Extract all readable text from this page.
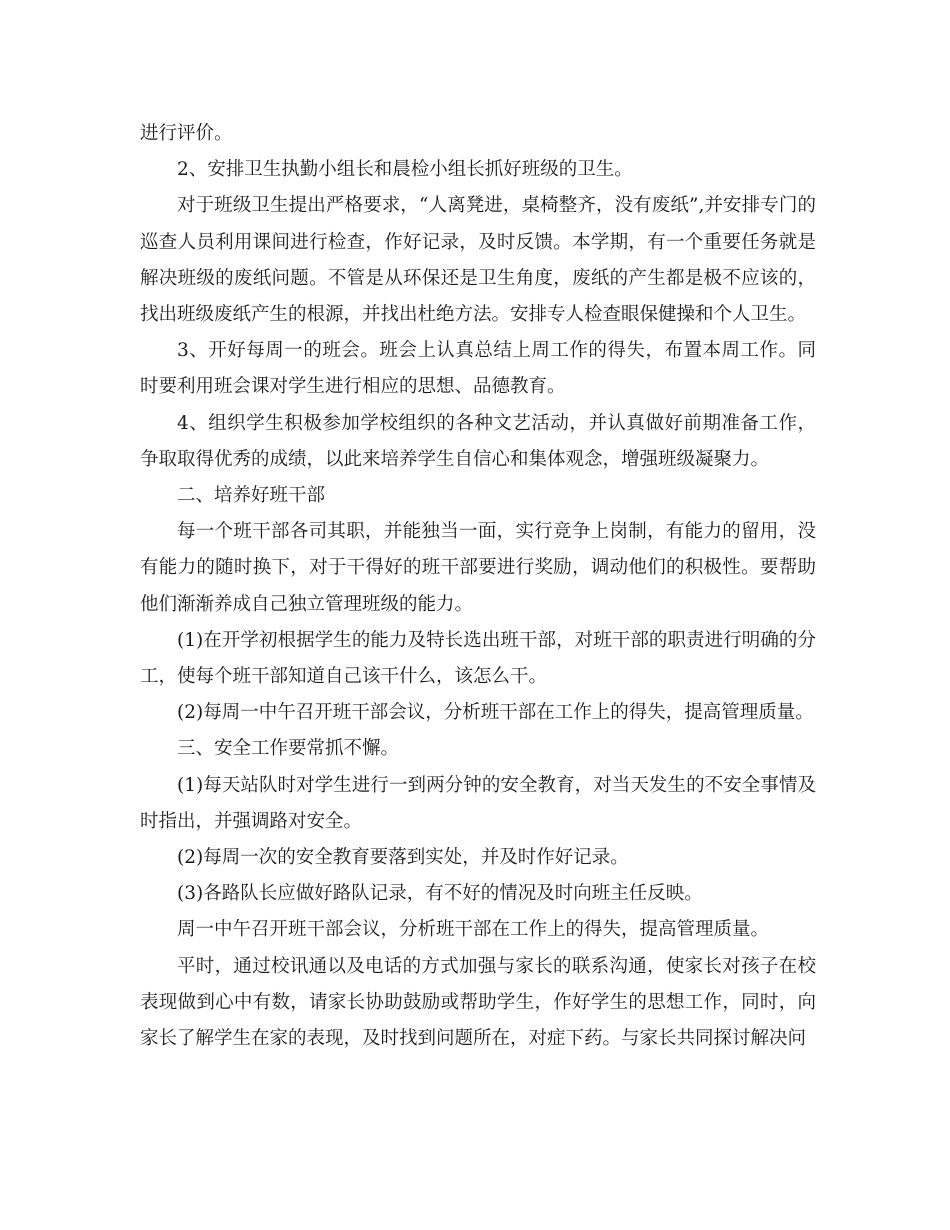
进行评价。

2、安排卫生执勤小组长和晨检小组长抓好班级的卫生。

对于班级卫生提出严格要求，“人离凳进，桌椅整齐，没有废纸”,并安排专门的巡查人员利用课间进行检查，作好记录，及时反馈。本学期，有一个重要任务就是解决班级的废纸问题。不管是从环保还是卫生角度，废纸的产生都是极不应该的，找出班级废纸产生的根源，并找出杜绝方法。安排专人检查眼保健操和个人卫生。

3、开好每周一的班会。班会上认真总结上周工作的得失，布置本周工作。同时要利用班会课对学生进行相应的思想、品德教育。

4、组织学生积极参加学校组织的各种文艺活动，并认真做好前期准备工作，争取取得优秀的成绩，以此来培养学生自信心和集体观念，增强班级凝聚力。

二、培养好班干部

每一个班干部各司其职，并能独当一面，实行竞争上岗制，有能力的留用，没有能力的随时换下，对于干得好的班干部要进行奖励，调动他们的积极性。要帮助他们渐渐养成自己独立管理班级的能力。

(1)在开学初根据学生的能力及特长选出班干部，对班干部的职责进行明确的分工，使每个班干部知道自己该干什么，该怎么干。

(2)每周一中午召开班干部会议，分析班干部在工作上的得失，提高管理质量。

三、安全工作要常抓不懈。

(1)每天站队时对学生进行一到两分钟的安全教育，对当天发生的不安全事情及时指出，并强调路对安全。

(2)每周一次的安全教育要落到实处，并及时作好记录。

(3)各路队长应做好路队记录，有不好的情况及时向班主任反映。

周一中午召开班干部会议，分析班干部在工作上的得失，提高管理质量。

平时，通过校讯通以及电话的方式加强与家长的联系沟通，使家长对孩子在校表现做到心中有数，请家长协助鼓励或帮助学生，作好学生的思想工作，同时，向家长了解学生在家的表现，及时找到问题所在，对症下药。与家长共同探讨解决问
